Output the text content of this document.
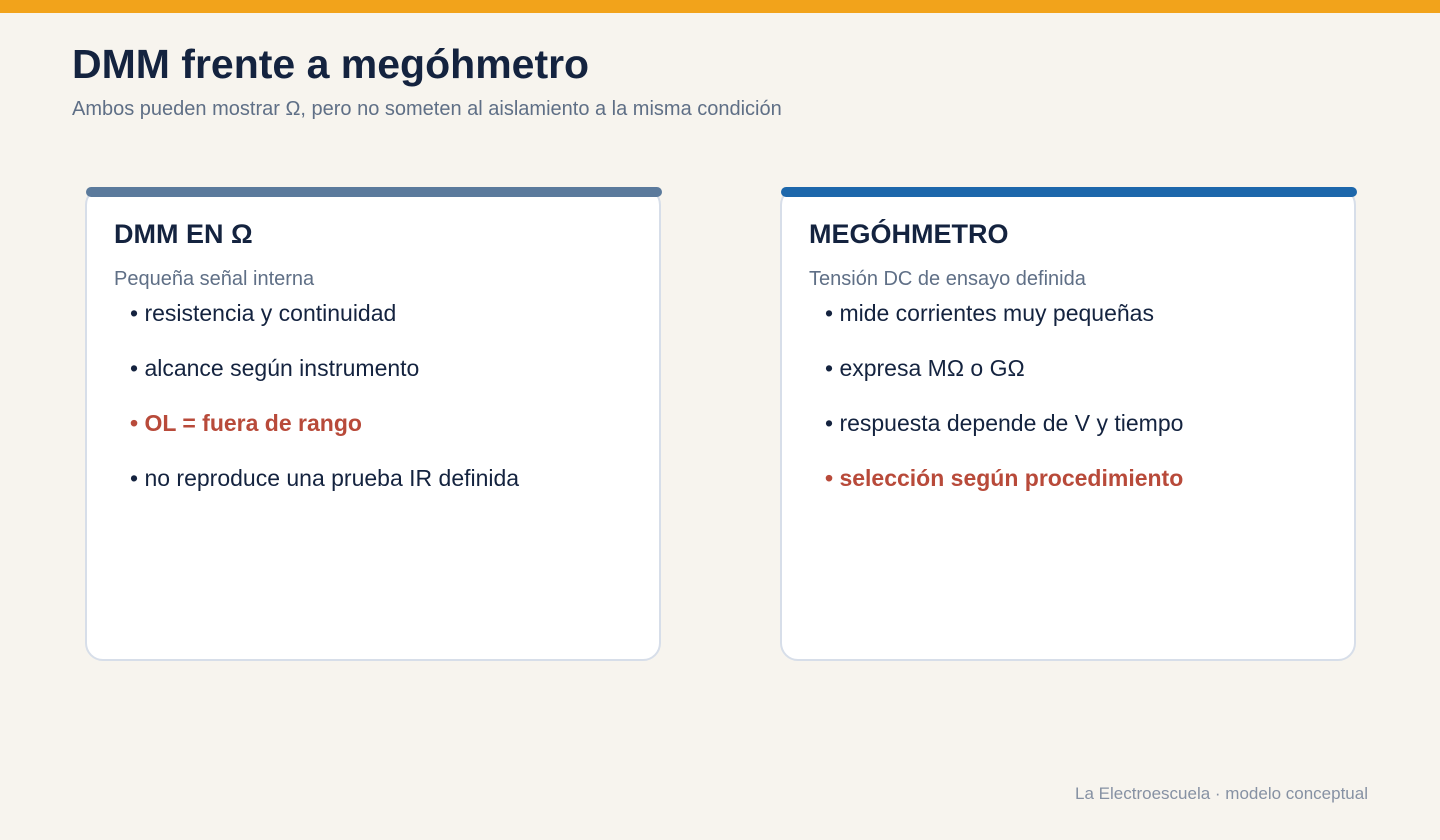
DMM frente a megóhmetro

Ambos pueden mostrar Ω, pero no someten al aislamiento a la misma condición

DMM EN Ω

Pequeña señal interna

• resistencia y continuidad
• alcance según instrumento
• OL = fuera de rango
• no reproduce una prueba IR definida
MEGÓHMETRO

Tensión DC de ensayo definida

• mide corrientes muy pequeñas
• expresa MΩ o GΩ
• respuesta depende de V y tiempo
• selección según procedimiento

La Electroescuela · modelo conceptual
